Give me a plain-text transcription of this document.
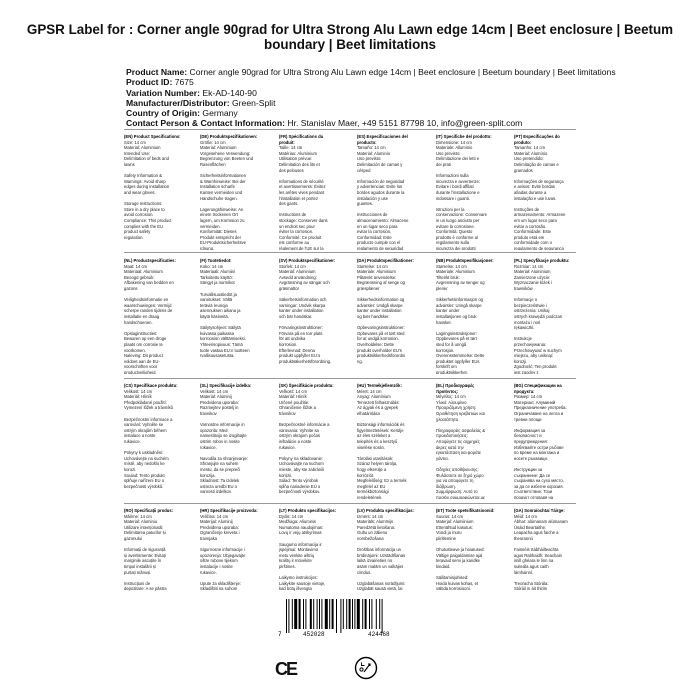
GPSR Label for : Corner angle 90grad for Ultra Strong Alu Lawn edge 14cm | Beet enclosure | Beetum boundary | Beet limitations
Product Name: Corner angle 90grad for Ultra Strong Alu Lawn edge 14cm | Beet enclosure | Beetum boundary | Beet limitations
Product ID: 7675
Variation Number: Ek-AD-140-90
Manufacturer/Distributor: Green-Split
Country of Origin: Germany
Contact Person & Contact Information: Hr. Stanislav Maer, +49 5151 87798 10, info@green-split.com
(EN) Product Specifications:
Size: 14 cm
Material: Aluminium
Intended Use:
Delimitation of beds and
lawns

Safety Information &
Warnings: Avoid sharp
edges during installation
and wear gloves.

Storage Instructions:
Store in a dry place to
avoid corrosion.
Compliance: This product
complies with the EU
product safety
regulation.
(DE) Produktspezifikationen:
Größe: 14 cm
Material: Aluminium
Vorgesehene Verwendung:
Begrenzung von Beeten und
Rasenflächen

Sicherheitsinformationen
& Warnhinweise: Bei der
Installation scharfe
Kanten vermeiden und
Handschuhe tragen.

Lagerungshinweise: An
einem trockenen Ort
lagern, um Korrosion zu
vermeiden.
Konformität: Dieses
Produkt entspricht der
EU-Produktsicherheitsve
rdnung.
(FR) Spécifications du produit:
Taille: 14 cm
Matériau: Aluminium
Utilisation prévue:
Délimitation des lits et
des pelouses

Informations de sécurité
et avertissements: Évitez
les arêtes vives pendant
l'installation et portez
des gants.

Instructions de
stockage: Conserver dans
un endroit sec pour
éviter la corrosion.
Conformité: Ce produit
est conforme au
règlement de l'UE sur la
(ES) Especificaciones del producto:
Tamaño: 14 cm
Material: Aluminio
Uso previsto:
Delimitación de camas y
césped

Información de seguridad
y advertencias: Evite los
bordes agudos durante la
instalación y use
guantes.

Instrucciones de
almacenamiento: Almacene
en un lugar seco para
evitar la corrosión.
Conformidad: Este
producto cumple con el
reglamento de seguridad
(IT) Specifiche del prodotto:
Dimensione: 14 cm
Materiale: Alluminio
Uso previsto:
Delimitazione dei letti e
dei prati

Informazioni sulla
sicurezza e avvertenze:
Evitare i bordi affilati
durante l'installazione e
indossare i guanti.

Istruzioni per la
conservazione: Conservare
in un luogo asciutto per
evitare la corrosione.
Conformità: Questo
prodotto è conforme al
regolamento sulla
sicurezza dei prodotti
(PT) Especificações do produto:
Tamanho: 14 cm
Material: Alumínio
Uso pretendido:
Delimitação de camas e
gramados

Informações de segurança
e avisos: Evite bordas
afiadas durante a
instalação e use luvas.

Instruções de
armazenamento: Armazene
em um lugar seco para
evitar a corrosão.
Conformidade: Este
produto está em
conformidade com o
regulamento de segurança
(NL) Productspecificaties:
Maat: 14 cm
Materiaal: Aluminium
Beoogd gebruik:
Afbakening van bedden en
gazons

Veiligheidsinformatie en
waarschuwingen: Vermijd
scherpe randen tijdens de
installatie en draag
handschoenen.

Opslaginstructies:
Bewaren op een droge
plaats om corrosie te
voorkomen.
Naleving: Dit product
voldoet aan de EU-
voorschriften voor
productveiligheid.
(FI) Tuotetiedot:
Koko: 14 cm
Materiaali: Alumiini
Tarkoitettu käyttö:
Sängyt ja nurmikot

Turvallisuustiedot ja
varoitukset: Vältä
teräviä reunoja
asennuksen aikana ja
käytä käsineitä.

Säilytysohjeet: Säilytä
kuivassa paikassa
korroosion välttämiseksi.
Yhteensopivuus: Tämä
tuote vastaa EU:n tuotteen
rvallisuusasetusta.
(SV) Produktspecifikationer:
Storlek: 14 cm
Material: Aluminium
Avsedd användning:
Avgränsning av sängar och
gräsmattor

Säkerhetsinformation och
varningar: Undvik skarpa
kanter under installation
och bär handskar.

Förvaringsinstruktioner:
Förvara på en torr plats
för att undvika
korrosion.
Efterlevnad: Denna
produkt uppfyller EU:s
produktsäkerhetsförordning.
(DA) Produktspecifikationer:
Størrelse: 14 cm
Materiale: Aluminium
Påtænkt anvendelse:
Begrænsning af senge og
græsplæner

Sikkerhedsinformation og
advarsler: Undgå skarpe
kanter under installation
og bær handsker.

Opbevaringsinstruktioner:
Opbevares på et tørt sted
for at undgå korrosion.
Overholdelse: Dette
produkt overholder EU's
produktsikkerhedsforordni
ng.
(NB) Produktspesifikasjoner:
Størrelse: 14 cm
Materiale: Aluminium
Tiltenkt bruk:
Avgrensning av senger og
plener

Sikkerhetsinformasjon og
advarsler: Unngå skarpe
kanter under
installasjonen og bruk
hansker.

Lagringsinstruksjoner:
Oppbevares på et tørt
sted for å unngå
korrosjon.
Overensstemmelse: Dette
produktet oppfyller EUs
forskrift om
produktsikkerhet.
(PL) Specyfikacje produktu:
Rozmiar: 14 cm
Materiał: Aluminium
Zamierzone użycie:
Wyznaczanie łóżek i
trawników

Informacje o
bezpieczeństwie i
ostrzeżenia: Unikaj
ostrych krawędzi podczas
montażu i noś
rękawiczki.

Instrukcje
przechowywania:
Przechowywać w suchym
miejscu, aby uniknąć
korozji.
Zgodność: Ten produkt
jest zgodny z
(CS) Specifikace produktu:
Velikost: 14 cm
Materiál: Hliník
Předpokládané použití:
Vymezení lůžek a trávníků

Bezpečnostní informace a
varování: Vyhněte se
ostrým okrajům během
instalace a noste
rukavice.

Pokyny k uskladnění:
Uchovávejte na suchém
místě, aby nedošlo ke
korozi.
Soulad: Tento produkt
splňuje nařízení EU o
bezpečnosti výrobků.
(SL) Specifikacije izdelka:
Velikost: 14 cm
Material: Aluminij
Predvidena uporaba:
Razmejitev postelj in
travnikov

Varnostne informacije in
opozorila: Med
namestitvijo se izogibajte
ostrim robov in nosite
rokavice.

Navodila za shranjevanje:
Shranjujte na suhem
mestu, da se prepreči
korozija.
Skladnost: Ta izdelek
ustreza uredbi EU o
varnosti izdelkov.
(SK) Špecifikácie produktu:
Veľkosť: 14 cm
Materiál: Hliník
Určené použitie:
Ohraničenie lôžok a
trávnikov

Bezpečnostné informácie a
varovania: Vyhnite sa
ostrým okrajom počas
inštalácie a noste
rukavice.

Pokyny na skladovanie:
Uchovávajte na suchom
mieste, aby ste zabránili
korózii.
Súlad: Tento výrobok
spĺňa nariadenie EÚ o
bezpečnosti výrobkov.
(HU) Termékjellemzők:
Méret: 14 cm
Anyag: Alumínium
Tervezett felhasználás:
Az ágyak és a gyepek
elhatárolása

Biztonsági információk és
figyelmeztetések: Kerülje
az éles széleket a
telepítés és a kesztyű
viselése során.

Tárolási utasítások:
Száraz helyen tárolja,
hogy elkerülje a
korróziót.
Megfelelőség: Ez a termék
megfelel az EU
termékbiztonsági
rendeletének.
(EL) Προδιαγραφές προϊόντος:
Μέγεθος: 14 cm
Υλικό: Αλουμίνιο
Προοριζόμενη χρήση:
Οριοθέτηση κρεβατιών και
χλοοτάπητα

Πληροφορίες ασφαλείας &
προειδοποιήσεις:
Αποφύγετε τις αιχμηρές
άκρες κατά την
εγκατάσταση και φοράτε
γάντια.

Οδηγίες αποθήκευσης:
Φυλάσσετε σε ξηρό χώρο
για να αποφύγετε τη
διάβρωση.
Συμμόρφωση: Αυτό το
προϊόν συμμορφώνεται με
(BG) Спецификации на продукта:
Размер: 14 cm
Материал: Алуминий
Предназначение употреба:
Ограничаване на легла и
тревни площи

Информация за
безопасност и
предупреждения:
Избягвайте остри ръбове
по време на монтажа и
носете ръкавици.

Инструкции за
съхранение: Да се
съхранява на сухо място,
за да се избегне корозия.
Съответствие: Този
продукт отговаря на
(RO) Specificații produs:
Mărime: 14 cm
Material: Aluminiu
Utilizare intenționată:
Delimitarea paturilor și
gazonului

Informații de siguranță
și avertismente: Evitați
marginile ascuțite în
timpul instalării și
purtați mănuși.

Instrucțiuni de
depozitare: A se păstra
(HR) Specifikacije proizvoda:
Veličina: 14 cm
Materijal: Aluminij
Predviđena uporaba:
Ograničenje kreveta i
travnjaka

Sigurnosne informacije i
upozorenja: Izbjegavajte
oštre rubove tijekom
instalacije i nosite
rukavice.

Upute za skladištenje:
Skladištiti na suhom
(LT) Produkto specifikacijos:
Dydis: 14 cm
Medžiaga: Aliuminis
Numatoma naudojimas:
Lovų ir vejų atskyrimas

Saugumo informacija ir
įspėjimai: Montavimo
metu venkite aštrių
kraštų ir mūvėkite
pirštines.

Laikymo instrukcijos:
Laikykite sausoje vietoje,
kad būtų išvengta
(LV) Produkta specifikācijas:
Izmērs: 14 cm
Materiāls: Alumīnijs
Paredzētā lietošana:
Gultu un zālienu
norobežošana

Drošības informācija un
brīdinājumi: Uzstādīšanas
laikā izvairieties no
asām malām un valkājiet
cimdus.

Uzglabāšanas norādījumi:
Uzglabāt sausā vietā, lai
(ET) Toote spetsifikatsioonid:
Suurus: 14 cm
Materjal: Alumiinium
Ettenähtud kasutus:
Voodi ja muru
piiritlemine

Ohutusteave ja hoiatused:
Vältige paigaldamise ajal
teravaid servi ja kandke
kindaid.

Säilitamisjuhised:
Hoida kuivas kohas, et
vältida korrosiooni.
(GA) Sonraíochtaí Táirge:
Méid: 14 cm
Ábhar: alúmanam alúmanam
Úsáid Beartaithe:
Leapacha agus faiche a
theorannú

Faisnéis Sábháilteachta
agus Rabhaidh: Seachain
imill ghéara le linn na
suiteála agus caith
lámhainní.

Treoracha Stórála:
Stóráil in áit thirim
7	452028	424468
CE
